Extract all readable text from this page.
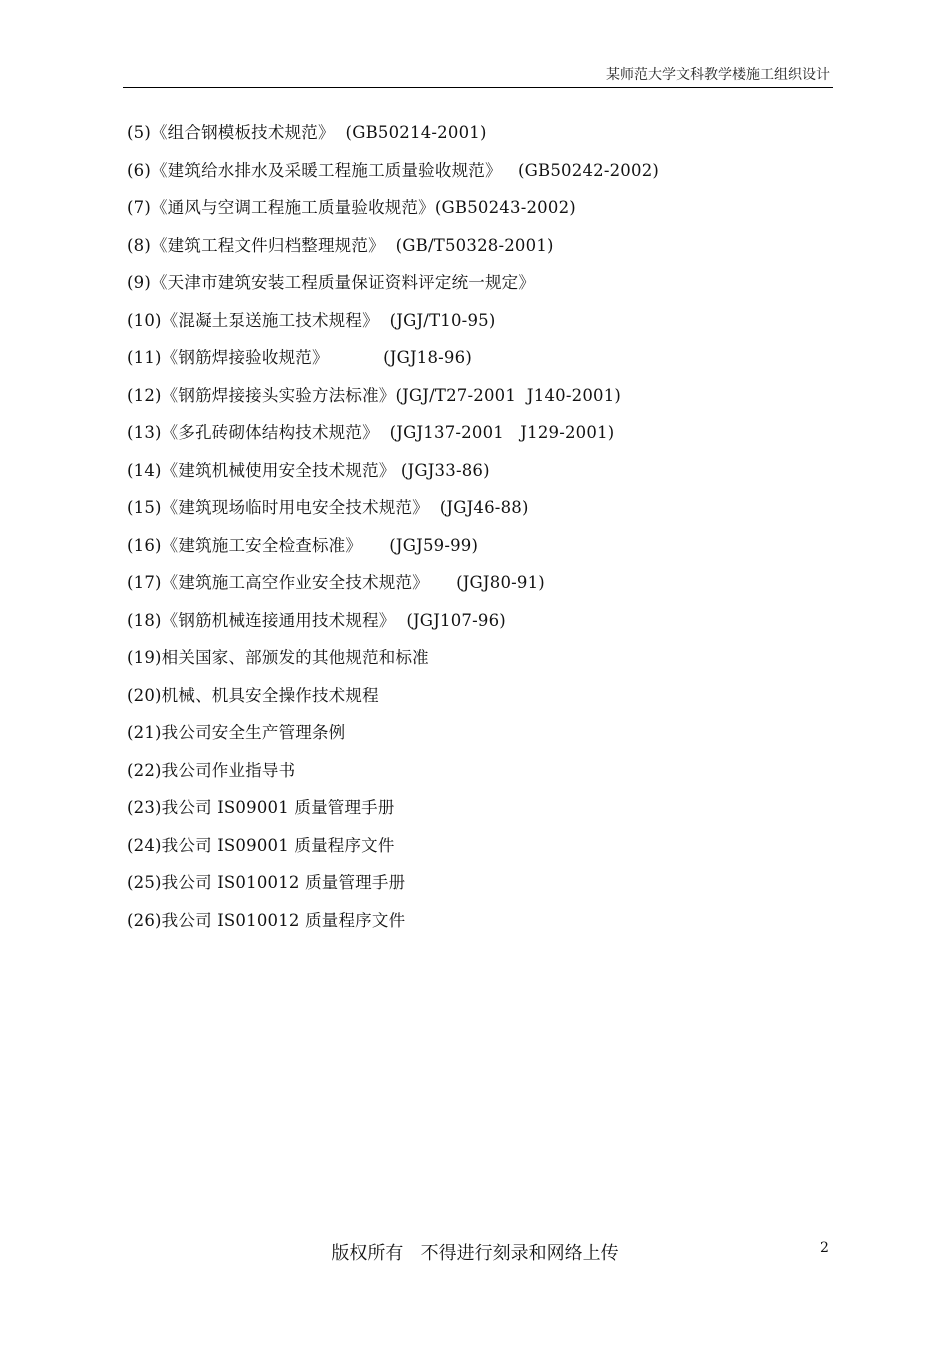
某师范大学文科教学楼施工组织设计
(5)《组合钢模板技术规范》  (GB50214-2001)
(6)《建筑给水排水及采暖工程施工质量验收规范》   (GB50242-2002)
(7)《通风与空调工程施工质量验收规范》(GB50243-2002)
(8)《建筑工程文件归档整理规范》  (GB/T50328-2001)
(9)《天津市建筑安装工程质量保证资料评定统一规定》
(10)《混凝土泵送施工技术规程》  (JGJ/T10-95)
(11)《钢筋焊接验收规范》          (JGJ18-96)
(12)《钢筋焊接接头实验方法标准》(JGJ/T27-2001  J140-2001)
(13)《多孔砖砌体结构技术规范》  (JGJ137-2001   J129-2001)
(14)《建筑机械使用安全技术规范》 (JGJ33-86)
(15)《建筑现场临时用电安全技术规范》  (JGJ46-88)
(16)《建筑施工安全检查标准》     (JGJ59-99)
(17)《建筑施工高空作业安全技术规范》     (JGJ80-91)
(18)《钢筋机械连接通用技术规程》  (JGJ107-96)
(19)相关国家、部颁发的其他规范和标准
(20)机械、机具安全操作技术规程
(21)我公司安全生产管理条例
(22)我公司作业指导书
(23)我公司 IS09001 质量管理手册
(24)我公司 IS09001 质量程序文件
(25)我公司 IS010012 质量管理手册
(26)我公司 IS010012 质量程序文件
版权所有   不得进行刻录和网络上传	2
